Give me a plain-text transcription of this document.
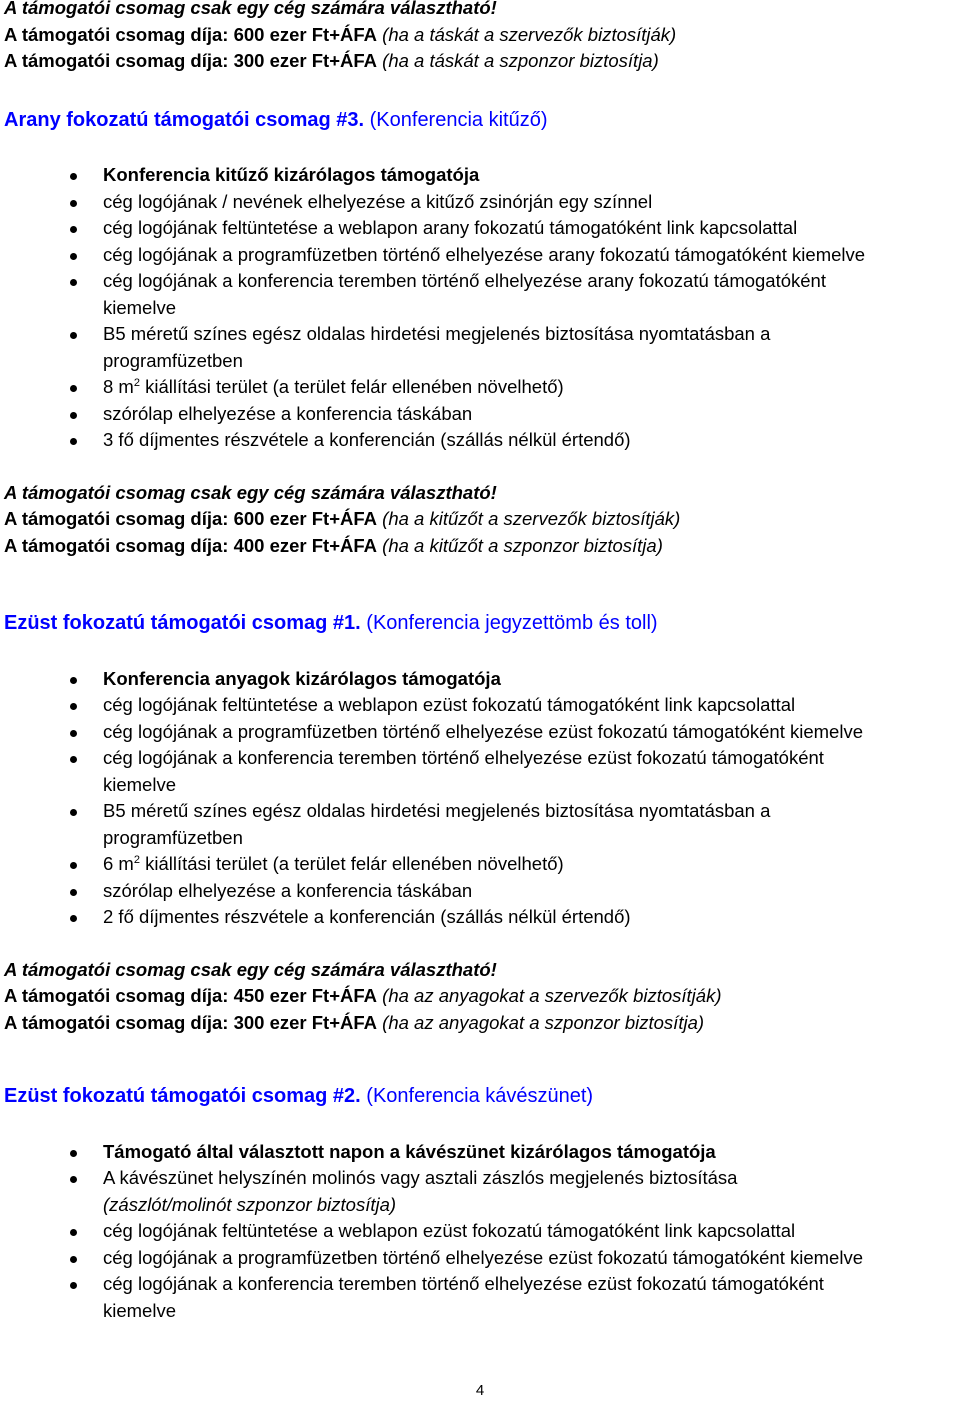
A támogatói csomag csak egy cég számára választható!

A támogatói csomag díja: 600 ezer Ft+ÁFA (ha a táskát a szervezők biztosítják)

A támogatói csomag díja: 300 ezer Ft+ÁFA (ha a táskát a szponzor biztosítja)

Arany fokozatú támogatói csomag #3. (Konferencia kitűző)

Konferencia kitűző kizárólagos támogatója
cég logójának / nevének elhelyezése a kitűző zsinórján egy színnel
cég logójának feltüntetése a weblapon arany fokozatú támogatóként link kapcsolattal
cég logójának a programfüzetben történő elhelyezése arany fokozatú támogatóként kiemelve
cég logójának a konferencia teremben történő elhelyezése arany fokozatú támogatóként
kiemelve
B5 méretű színes egész oldalas hirdetési megjelenés biztosítása nyomtatásban a
programfüzetben
8 $m^2$ kiállítási terület (a terület felár ellenében növelhető)
szórólap elhelyezése a konferencia táskában
3 fő díjmentes részvétele a konferencián (szállás nélkül értendő)

A támogatói csomag csak egy cég számára választható!

A támogatói csomag díja: 600 ezer Ft+ÁFA (ha a kitűzőt a szervezők biztosítják)

A támogatói csomag díja: 400 ezer Ft+ÁFA (ha a kitűzőt a szponzor biztosítja)

Ezüst fokozatú támogatói csomag #1. (Konferencia jegyzettömb és toll)

Konferencia anyagok kizárólagos támogatója
cég logójának feltüntetése a weblapon ezüst fokozatú támogatóként link kapcsolattal
cég logójának a programfüzetben történő elhelyezése ezüst fokozatú támogatóként kiemelve
cég logójának a konferencia teremben történő elhelyezése ezüst fokozatú támogatóként
kiemelve
B5 méretű színes egész oldalas hirdetési megjelenés biztosítása nyomtatásban a
programfüzetben
6 $m^2$ kiállítási terület (a terület felár ellenében növelhető)
szórólap elhelyezése a konferencia táskában
2 fő díjmentes részvétele a konferencián (szállás nélkül értendő)

A támogatói csomag csak egy cég számára választható!

A támogatói csomag díja: 450 ezer Ft+ÁFA (ha az anyagokat a szervezők biztosítják)

A támogatói csomag díja: 300 ezer Ft+ÁFA (ha az anyagokat a szponzor biztosítja)

Ezüst fokozatú támogatói csomag #2. (Konferencia kávészünet)

Támogató által választott napon a kávészünet kizárólagos támogatója
A kávészünet helyszínén molinós vagy asztali zászlós megjelenés biztosítása
(zászlót/molinót szponzor biztosítja)
cég logójának feltüntetése a weblapon ezüst fokozatú támogatóként link kapcsolattal
cég logójának a programfüzetben történő elhelyezése ezüst fokozatú támogatóként kiemelve
cég logójának a konferencia teremben történő elhelyezése ezüst fokozatú támogatóként
kiemelve
4
